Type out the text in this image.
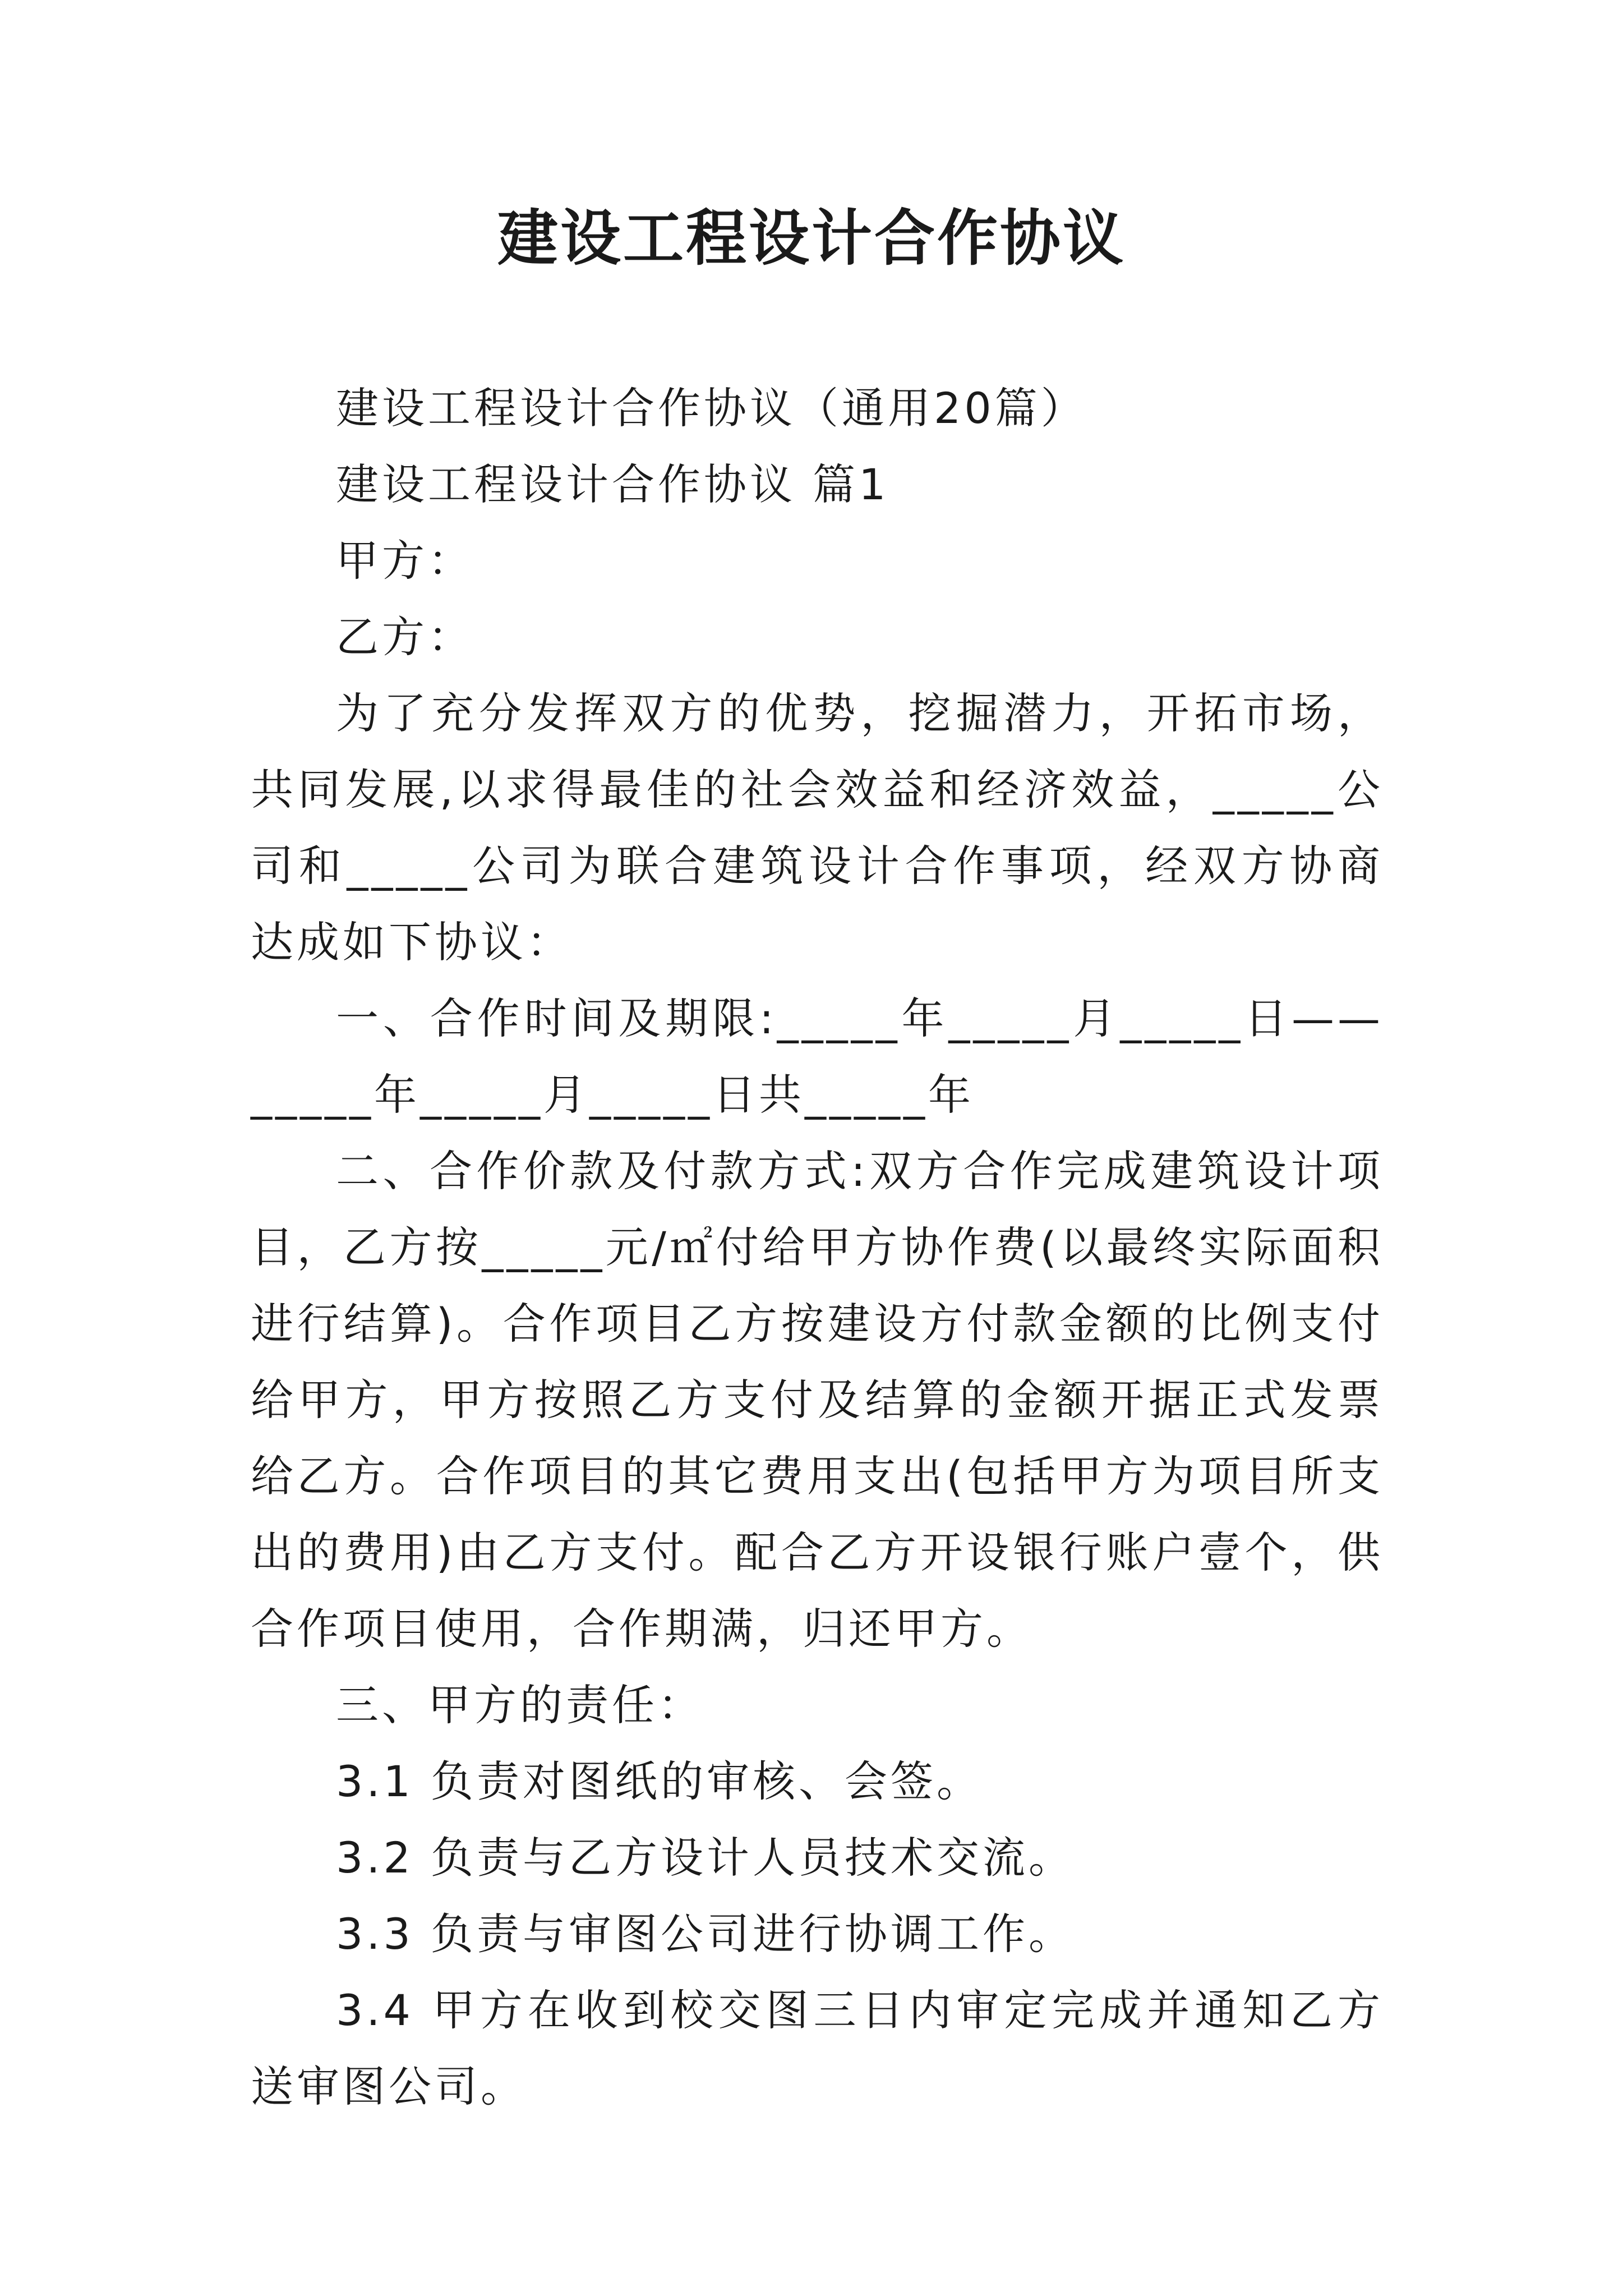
建设工程设计合作协议

建设工程设计合作协议（通用20篇）

建设工程设计合作协议 篇1

甲方：

乙方：

为了充分发挥双方的优势，挖掘潜力，开拓市场，共同发展,以求得最佳的社会效益和经济效益，_____公司和_____公司为联合建筑设计合作事项，经双方协商达成如下协议：

一、合作时间及期限:_____年_____月_____日——_____年_____月_____日共_____年

二、合作价款及付款方式:双方合作完成建筑设计项目，乙方按_____元/㎡付给甲方协作费(以最终实际面积进行结算)。合作项目乙方按建设方付款金额的比例支付给甲方，甲方按照乙方支付及结算的金额开据正式发票给乙方。合作项目的其它费用支出(包括甲方为项目所支出的费用)由乙方支付。配合乙方开设银行账户壹个，供合作项目使用，合作期满，归还甲方。

三、甲方的责任：

3.1 负责对图纸的审核、会签。

3.2 负责与乙方设计人员技术交流。

3.3 负责与审图公司进行协调工作。

3.4 甲方在收到校交图三日内审定完成并通知乙方送审图公司。
